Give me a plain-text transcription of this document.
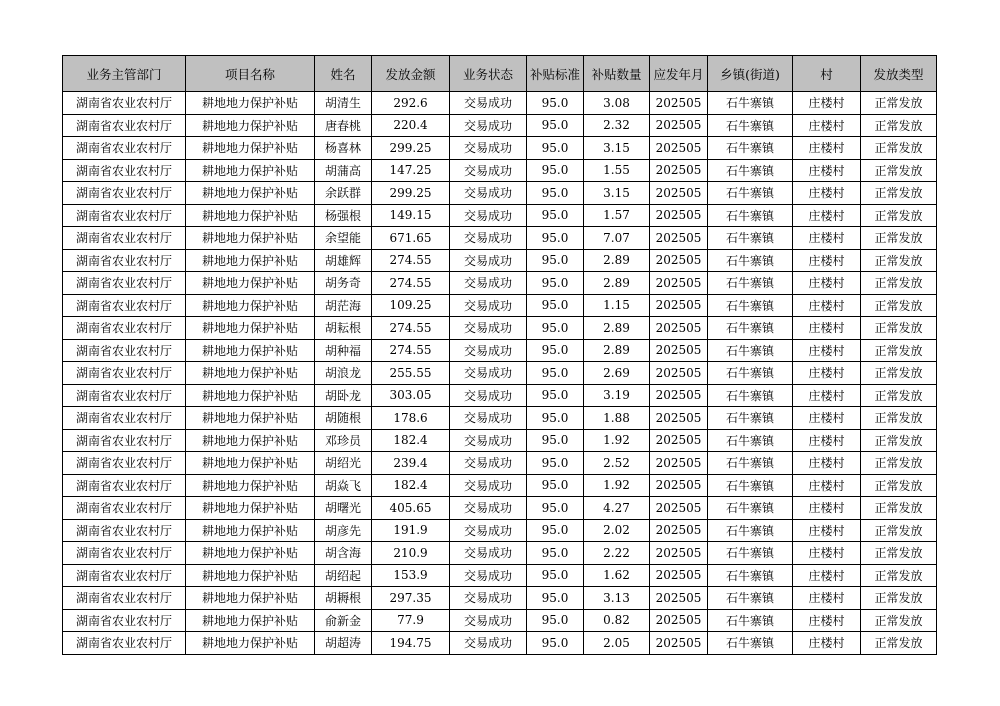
业务主管部门	项目名称	姓名	发放金额	业务状态	补贴标准	补贴数量	应发年月	乡镇(街道)	村	发放类型
湖南省农业农村厅	耕地地力保护补贴	胡清生	292.6	交易成功	95.0	3.08	202505	石牛寨镇	庄楼村	正常发放
湖南省农业农村厅	耕地地力保护补贴	唐春桃	220.4	交易成功	95.0	2.32	202505	石牛寨镇	庄楼村	正常发放
湖南省农业农村厅	耕地地力保护补贴	杨喜林	299.25	交易成功	95.0	3.15	202505	石牛寨镇	庄楼村	正常发放
湖南省农业农村厅	耕地地力保护补贴	胡蒲高	147.25	交易成功	95.0	1.55	202505	石牛寨镇	庄楼村	正常发放
湖南省农业农村厅	耕地地力保护补贴	余跃群	299.25	交易成功	95.0	3.15	202505	石牛寨镇	庄楼村	正常发放
湖南省农业农村厅	耕地地力保护补贴	杨强根	149.15	交易成功	95.0	1.57	202505	石牛寨镇	庄楼村	正常发放
湖南省农业农村厅	耕地地力保护补贴	余望能	671.65	交易成功	95.0	7.07	202505	石牛寨镇	庄楼村	正常发放
湖南省农业农村厅	耕地地力保护补贴	胡雄辉	274.55	交易成功	95.0	2.89	202505	石牛寨镇	庄楼村	正常发放
湖南省农业农村厅	耕地地力保护补贴	胡务奇	274.55	交易成功	95.0	2.89	202505	石牛寨镇	庄楼村	正常发放
湖南省农业农村厅	耕地地力保护补贴	胡茫海	109.25	交易成功	95.0	1.15	202505	石牛寨镇	庄楼村	正常发放
湖南省农业农村厅	耕地地力保护补贴	胡耘根	274.55	交易成功	95.0	2.89	202505	石牛寨镇	庄楼村	正常发放
湖南省农业农村厅	耕地地力保护补贴	胡种福	274.55	交易成功	95.0	2.89	202505	石牛寨镇	庄楼村	正常发放
湖南省农业农村厅	耕地地力保护补贴	胡浪龙	255.55	交易成功	95.0	2.69	202505	石牛寨镇	庄楼村	正常发放
湖南省农业农村厅	耕地地力保护补贴	胡卧龙	303.05	交易成功	95.0	3.19	202505	石牛寨镇	庄楼村	正常发放
湖南省农业农村厅	耕地地力保护补贴	胡随根	178.6	交易成功	95.0	1.88	202505	石牛寨镇	庄楼村	正常发放
湖南省农业农村厅	耕地地力保护补贴	邓珍员	182.4	交易成功	95.0	1.92	202505	石牛寨镇	庄楼村	正常发放
湖南省农业农村厅	耕地地力保护补贴	胡绍光	239.4	交易成功	95.0	2.52	202505	石牛寨镇	庄楼村	正常发放
湖南省农业农村厅	耕地地力保护补贴	胡焱飞	182.4	交易成功	95.0	1.92	202505	石牛寨镇	庄楼村	正常发放
湖南省农业农村厅	耕地地力保护补贴	胡曙光	405.65	交易成功	95.0	4.27	202505	石牛寨镇	庄楼村	正常发放
湖南省农业农村厅	耕地地力保护补贴	胡彦先	191.9	交易成功	95.0	2.02	202505	石牛寨镇	庄楼村	正常发放
湖南省农业农村厅	耕地地力保护补贴	胡含海	210.9	交易成功	95.0	2.22	202505	石牛寨镇	庄楼村	正常发放
湖南省农业农村厅	耕地地力保护补贴	胡绍起	153.9	交易成功	95.0	1.62	202505	石牛寨镇	庄楼村	正常发放
湖南省农业农村厅	耕地地力保护补贴	胡耨根	297.35	交易成功	95.0	3.13	202505	石牛寨镇	庄楼村	正常发放
湖南省农业农村厅	耕地地力保护补贴	俞新金	77.9	交易成功	95.0	0.82	202505	石牛寨镇	庄楼村	正常发放
湖南省农业农村厅	耕地地力保护补贴	胡超涛	194.75	交易成功	95.0	2.05	202505	石牛寨镇	庄楼村	正常发放
